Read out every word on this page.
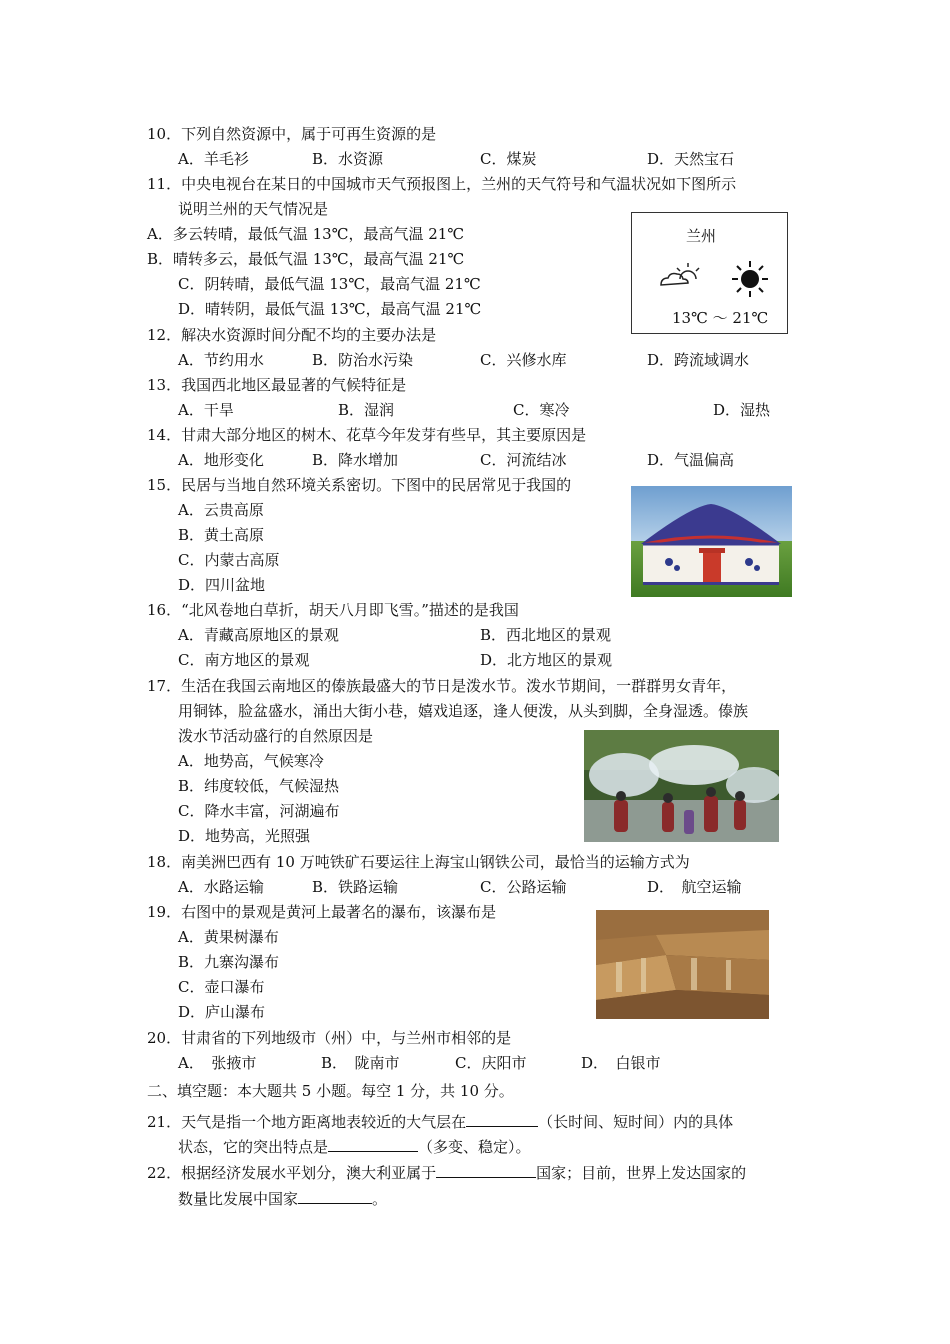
10．下列自然资源中，属于可再生资源的是
A．羊毛衫	B．水资源	C．煤炭	D．天然宝石
11．中央电视台在某日的中国城市天气预报图上，兰州的天气符号和气温状况如下图所示
说明兰州的天气情况是
A．多云转晴，最低气温 13℃，最高气温 21℃
B．晴转多云，最低气温 13℃，最高气温 21℃
C．阴转晴，最低气温 13℃，最高气温 21℃
D．晴转阴，最低气温 13℃，最高气温 21℃
兰州
13℃ ～ 21℃
12．解决水资源时间分配不均的主要办法是
A．节约用水	B．防治水污染	C．兴修水库	D．跨流域调水
13．我国西北地区最显著的气候特征是
A．干旱	B．湿润	C．寒冷	D．湿热
14．甘肃大部分地区的树木、花草今年发芽有些早，其主要原因是
A．地形变化	B．降水增加	C．河流结冰	D．气温偏高
15．民居与当地自然环境关系密切。下图中的民居常见于我国的
A．云贵高原
B．黄土高原
C．内蒙古高原
D．四川盆地
16．“北风卷地白草折，胡天八月即飞雪。”描述的是我国
A．青藏高原地区的景观	B．西北地区的景观
C．南方地区的景观	D．北方地区的景观
17．生活在我国云南地区的傣族最盛大的节日是泼水节。泼水节期间，一群群男女青年，
用铜钵，脸盆盛水，涌出大街小巷，嬉戏追逐，逢人便泼，从头到脚，全身湿透。傣族
泼水节活动盛行的自然原因是
A．地势高，气候寒冷
B．纬度较低，气候湿热
C．降水丰富，河湖遍布
D．地势高，光照强
18．南美洲巴西有 10 万吨铁矿石要运往上海宝山钢铁公司，最恰当的运输方式为
A．水路运输	B．铁路运输	C．公路运输	D．　航空运输
19．右图中的景观是黄河上最著名的瀑布，该瀑布是
A．黄果树瀑布
B．九寨沟瀑布
C．壶口瀑布
D．庐山瀑布
20．甘肃省的下列地级市（州）中，与兰州市相邻的是
A．　张掖市	B．　陇南市	C．庆阳市	D．　白银市
二、填空题：本大题共 5 小题。每空 1 分，共 10 分。
21．天气是指一个地方距离地表较近的大气层在	（长时间、短时间）内的具体
状态，它的突出特点是	（多变、稳定）。
22．根据经济发展水平划分，澳大利亚属于	国家；目前，世界上发达国家的
数量比发展中国家	。
